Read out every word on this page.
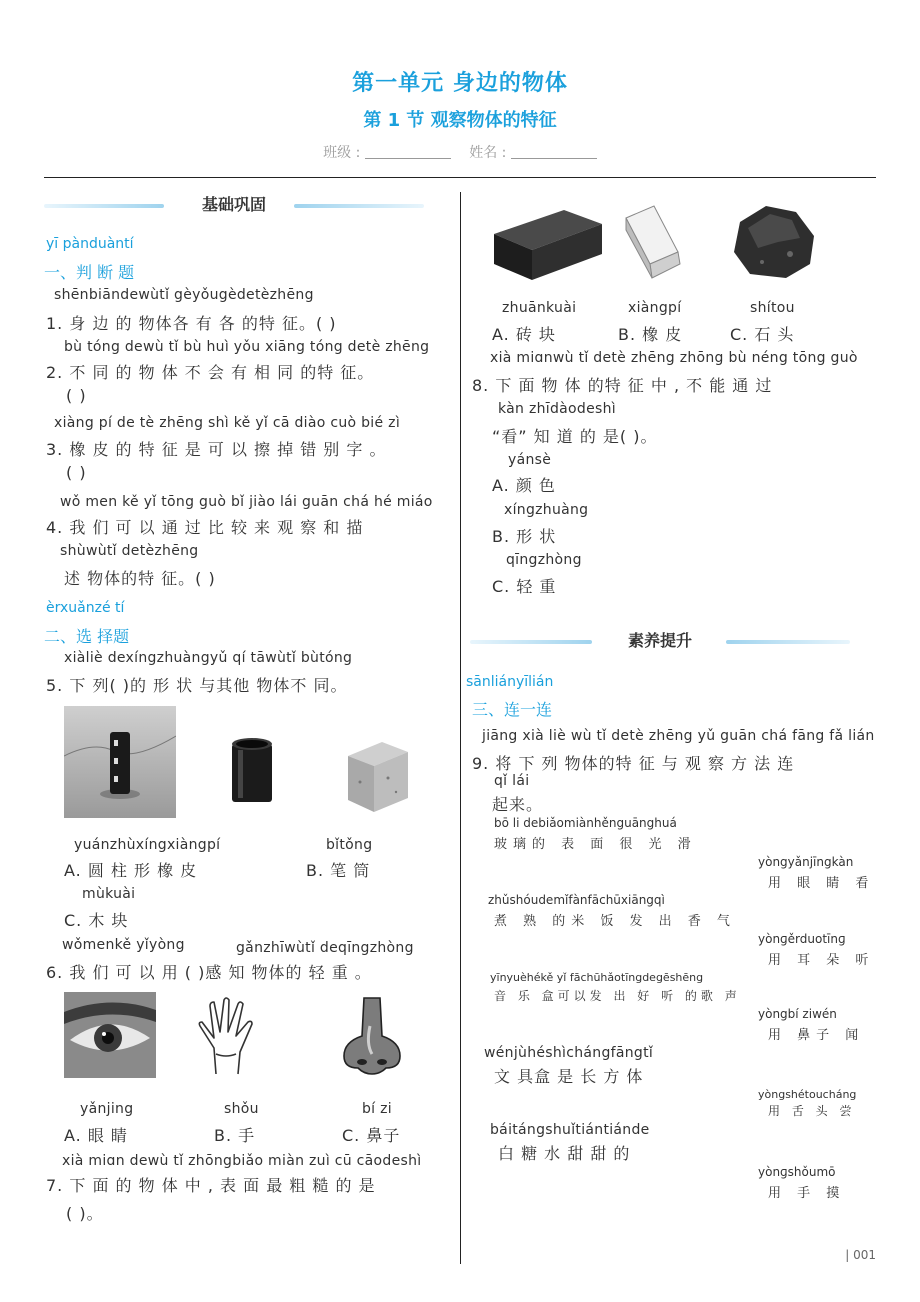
第一单元 身边的物体
第 1 节 观察物体的特征
班级 :	姓名 :
基础巩固
yī pànduàntí
一、判 断 题
shēnbiāndewùtǐ gèyǒugèdetèzhēng
1. 身 边 的 物体各 有 各 的特 征。( )
bù tóng dewù tǐ bù huì yǒu xiāng tóng detè zhēng
2. 不 同 的 物 体 不 会 有 相 同 的特 征。
( )
xiàng pí de tè zhēng shì kě yǐ cā diào cuò bié zì
3. 橡 皮 的 特 征 是 可 以 擦 掉 错 别 字 。
( )
wǒ men kě yǐ tōng guò bǐ jiào lái guān chá hé miáo
4. 我 们 可 以 通 过 比 较 来 观 察 和 描
shùwùtǐ detèzhēng
述 物体的特 征。( )
èrxuǎnzé tí
二、选 择题
xiàliè dexíngzhuàngyǔ qí tāwùtǐ bùtóng
5. 下 列( )的 形 状 与其他 物体不 同。
yuánzhùxíngxiàngpí
A. 圆 柱 形 橡 皮
bǐtǒng
B. 笔 筒
mùkuài
C. 木 块
wǒmenkě yǐyòng	gǎnzhīwùtǐ deqīngzhòng
6. 我 们 可 以 用 ( )感 知 物体的 轻 重 。
yǎnjing
A. 眼 睛
shǒu
B. 手
bí zi
C. 鼻子
xià miɑn dewù tǐ zhōngbiǎo miàn zuì cū cāodeshì
7. 下 面 的 物 体 中 , 表 面 最 粗 糙 的 是
( )。
zhuānkuài
A. 砖 块
xiàngpí
B. 橡 皮
shítou
C. 石 头
xià miɑnwù tǐ detè zhēng zhōng bù néng tōng guò
8. 下 面 物 体 的特 征 中 , 不 能 通 过
kàn zhīdàodeshì
“看” 知 道 的 是( )。
yánsè
A. 颜 色
xíngzhuàng
B. 形 状
qīngzhòng
C. 轻 重
素养提升
sānliányīlián
三、连一连
jiāng xià liè wù tǐ detè zhēng yǔ guān chá fāng fǎ lián
9. 将 下 列 物体的特 征 与 观 察 方 法 连
qǐ lái
起来。
bō li debiǎomiànhěnguānghuá
玻璃的 表 面 很 光 滑
zhǔshóudemǐfànfāchūxiāngqì
煮 熟 的米 饭 发 出 香 气
yīnyuèhékě yǐ fāchūhǎotīngdegēshēng
音 乐 盒可以发 出 好 听 的歌 声
wénjùhéshìchángfāngtǐ
文 具盒 是 长 方 体
báitángshuǐtiántiánde
白 糖 水 甜 甜 的
yòngyǎnjīngkàn
用 眼 睛 看
yònɡěrduotīnɡ
用 耳 朵 听
yòngbí ziwén
用 鼻子 闻
yòngshétoucháng
用 舌 头 尝
yònɡshǒumō
用 手 摸
| 001
